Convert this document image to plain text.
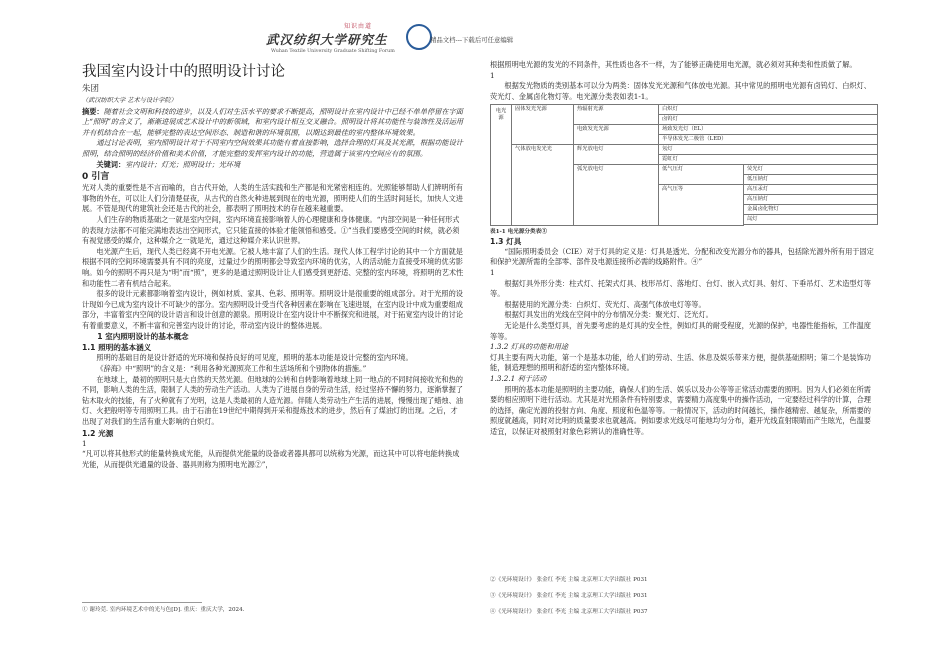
知识由道
武汉纺织大学研究生
Wuhan Textile University Graduate Shifting Forum
精品文档---下载后可任意编辑

我国室内设计中的照明设计讨论

朱团

（武汉纺织大学 艺术与设计学院）

摘要：随着社会文明和科技的进步，以及人们对生活水平的要求不断提高，照明设计在室内设计中已经不单单停留在字面上“照明”的含义了，渐渐进展成艺术设计中的新领域，和室内设计相互交叉融合。照明设计将其功能性与装饰性及活运用并有机结合在一起，能够完整的表达空间形态、制造和谐的环境氛围，以期达到最佳的室内整体环境效果。

通过讨论表明，室内照明设计对于不同室内空间效果其功能有着直接影响，选择合理的灯具及其光源，根据功能设计照明，结合照明的经济价值和美术价值，才能完整的发挥室内设计的功能，营造属于该室内空间应有的氛围。

关键词：室内设计；灯光；照明设计；光环境

0 引言

光对人类的重要性是不言而喻的，自古代开始，人类的生活实践和生产都是和光紧密相连的。光照能够帮助人们辨明所有事物的外在，可以让人们分清楚昼夜，从古代的自然火种进展到现在的电光源，照明使人们的生活时间延长，加快人文进展。不管是现代的建筑社会还是古代的社会，都表明了照明技术的存在越来越重要。

人们生存的物质基础之一就是室内空间，室内环境直接影响着人的心理健康和身体健康。“内部空间是一种任何形式的表现方法都不可能完满地表达出空间形式，它只能直接的体验才能领悟和感受。①”当我们要感受空间的时候，就必须有视觉感受的媒介，这种媒介之一就是光，通过这种媒介来认识世界。

电光源产生后，现代人类已经离不开电光源。它被人地丰富了人们的生活。现代人体工程学讨论的其中一个方面就是根据不同的空间环境需要具有不同的亮度，过量过少的照明都会导致室内环境的优劣，人的活动能力直接受环境的优劣影响。如今的照明不再只是为“明”而“照”，更多的是通过照明设计让人们感受到更舒适、完整的室内环境，将照明的艺术性和功能性二者有机结合起来。

很多的设计元素都影响着室内设计，例如材质、家具、色彩、照明等。照明设计是很重要的组成部分。对于光照的设计现如今已成为室内设计不可缺少的部分。室内照明设计受当代各种因素在影响在飞速进展，在室内设计中成为重要组成部分，丰富着室内空间的设计语言和设计创意的源泉。照明设计在室内设计中不断探究和进展，对于拓宽室内设计的讨论有着重要意义，不断丰富和完善室内设计的讨论，带动室内设计的整体进展。

1 室内照明设计的基本概念

1.1 照明的基本涵义

照明的基础目的是设计舒适的光环境和保持良好的可见度，照明的基本功能是设计完整的室内环境。

《辞海》中“照明”的含义是：“利用各种光源照亮工作和生活场所和个别物体的措施。”

在地球上，最初的照明只是大自然的天然光源。但地球的公转和自转影响着地球上同一地点的不同时间接收光和热的不同，影响人类的生活，限制了人类的劳动生产活动。人类为了进展自身的劳动生活，经过坚持不懈的努力，逐渐掌握了钻木取火的技能，有了火种就有了光明，这是人类最初的人造光源。伴随人类劳动生产生活的进展，慢慢出现了蜡烛、油灯、火把般明等专用照明工具。由于石油在19世纪中期得到开采和提炼技术的进步，然后有了煤油灯的出现。之后，才出现了对我们的生活有重大影响的白炽灯。

1.2 光源

1

“凡可以将其他形式的能量转换成光能，从而提供光能量的设备或者器具都可以统称为光源，而这其中可以将电能转换成光能，从而提供光通量的设备、器具则称为照明电光源②”，

① 谢玲莞. 室内环境艺术中的光与色[D]. 重庆：重庆大学，2024.

根据照明电光源的发光的不同条件，其性质也各不一样，为了能够正确使用电光源，就必须对其种类和性质做了解。

1

根据发光物质的类别基本可以分为两类：固体发光光源和气体放电光源。其中常见的照明电光源有卤钨灯、白炽灯、荧光灯、金属卤化物灯等。电光源分类表如表1-1。

电光源	固体发光光源	热辐射光源	白炽灯	
			卤钨灯	
		电致发光光源	场致发光灯（EL）	
			半导体发光二极管（LED）	
	气体放电发光光	辉光放电灯	氖灯	
			霓虹灯	
		弧光放电灯	低气压灯	荧光灯
				低压钠灯
			高气压等	高压汞灯
				高压钠灯
				金属卤化物灯
				氙灯

表1-1 电光源分类表③

1.3 灯具

“国际照明委员会（CIE）对于灯具的定义是：灯具是透光、分配和改变光源分布的器具，包括除光源外所有用于固定和保护光源所需的全部零、部件及电源连接所必需的线路附件。④”

1

根据灯具外形分类：柱式灯、托架式灯具、枝形吊灯、落地灯、台灯、嵌入式灯具、射灯、下垂吊灯、艺术造型灯等等。

根据使用的光源分类：白炽灯、荧光灯、高强气体放电灯等等。

根据灯具发出的光线在空间中的分布情况分类：聚光灯、泛光灯。

无论是什么类型灯具，首先要考虑的是灯具的安全性，例如灯具的耐受程度，光源的保护，电器性能指标，工作温度等等。

1.3.2 灯具的功能和用途

灯具主要有两大功能，第一个是基本功能，给人们的劳动、生活、休息及娱乐带来方便，提供基础照明；第二个是装饰功能，制造理想的照明和舒适的室内整体环境。

1.3.2.1 利于活动

照明的基本功能是照明的主要功能，确保人们的生活、娱乐以及办公等等正常活动需要的照明。因为人们必须在所需要的相应照明下进行活动。尤其是对光照条件有特别要求，需要精力高度集中的操作活动，一定要经过科学的计算，合理的选择，确定光源的投射方向、角度、照度和色温等等。一般情况下，活动的时间越长，操作越精密、越复杂，所需要的照度就越高，同时对比明的质量要求也就越高。例如要求光线尽可能地均匀分布，避开光线直射眼睛而产生眩光，色温要适宜，以保证对被照射对象色彩辨认的准确性等。

②《光环境设计》 张金红 李光 主编 北京理工大学出版社 P031

③《光环境设计》 张金红 李光 主编 北京理工大学出版社 P031

④《光环境设计》 张金红 李光 主编 北京理工大学出版社 P037
